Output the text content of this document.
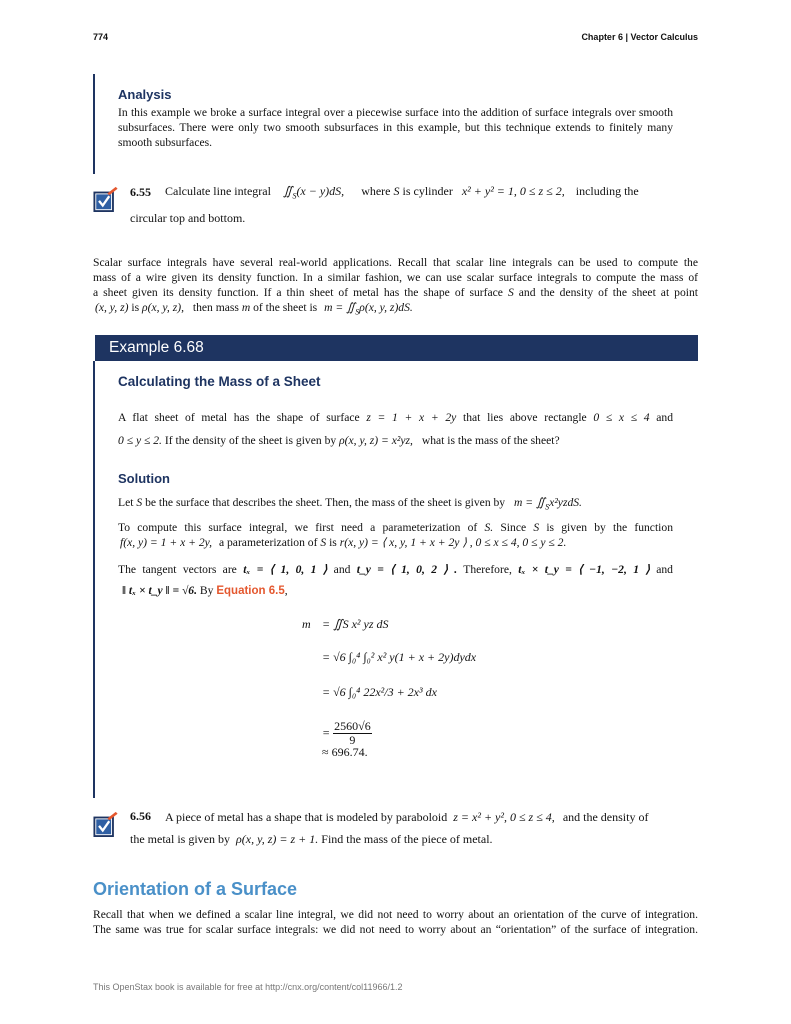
774	Chapter 6 | Vector Calculus
Analysis

In this example we broke a surface integral over a piecewise surface into the addition of surface integrals over smooth subsurfaces. There were only two smooth subsurfaces in this example, but this technique extends to finitely many smooth subsurfaces.

6.55 Calculate line integral $∬_S(x - y)dS$, where S is cylinder x² + y² = 1, 0 ≤ z ≤ 2, including the
circular top and bottom.
Scalar surface integrals have several real-world applications. Recall that scalar line integrals can be used to compute the
mass of a wire given its density function. In a similar fashion, we can use scalar surface integrals to compute the mass of
a sheet given its density function. If a thin sheet of metal has the shape of surface S and the density of the sheet at point
(x, y, z) is ρ(x, y, z), then mass m of the sheet is $m = ∬_S\rho(x$, y, z)dS.
Example 6.68
Calculating the Mass of a Sheet
A flat sheet of metal has the shape of surface z = 1 + x + 2y that lies above rectangle 0 ≤ x ≤ 4 and
0 ≤ y ≤ 2. If the density of the sheet is given by ρ(x, y, z) = x²yz, what is the mass of the sheet?
Solution
Let S be the surface that describes the sheet. Then, the mass of the sheet is given by $m = ∬_Sx^2yzdS$.
To compute this surface integral, we first need a parameterization of S. Since S is given by the function
f(x, y) = 1 + x + 2y, a parameterization of S is r(x, y) = ⟨ x, y, 1 + x + 2y ⟩ , 0 ≤ x ≤ 4, 0 ≤ y ≤ 2.
The tangent vectors are tₓ = ⟨ 1, 0, 1 ⟩ and t_y = ⟨ 1, 0, 2 ⟩ . Therefore, tₓ × t_y = ⟨ −1, −2, 1 ⟩ and
‖ tₓ × t_y ‖ = √6. By Equation 6.5,
m = ∬S x² yz dS
= √6 ∫₀⁴ ∫₀² x² y(1 + x + 2y)dydx
= √6 ∫₀⁴ 22x²/3 + 2x³ dx
= $\frac{2560√6}{9}$
≈ 696.74.
6.56 A piece of metal has a shape that is modeled by paraboloid z = x² + y², 0 ≤ z ≤ 4, and the density of
the metal is given by ρ(x, y, z) = z + 1. Find the mass of the piece of metal.
Orientation of a Surface
Recall that when we defined a scalar line integral, we did not need to worry about an orientation of the curve of integration.
The same was true for scalar surface integrals: we did not need to worry about an “orientation” of the surface of integration.
This OpenStax book is available for free at http://cnx.org/content/col11966/1.2
